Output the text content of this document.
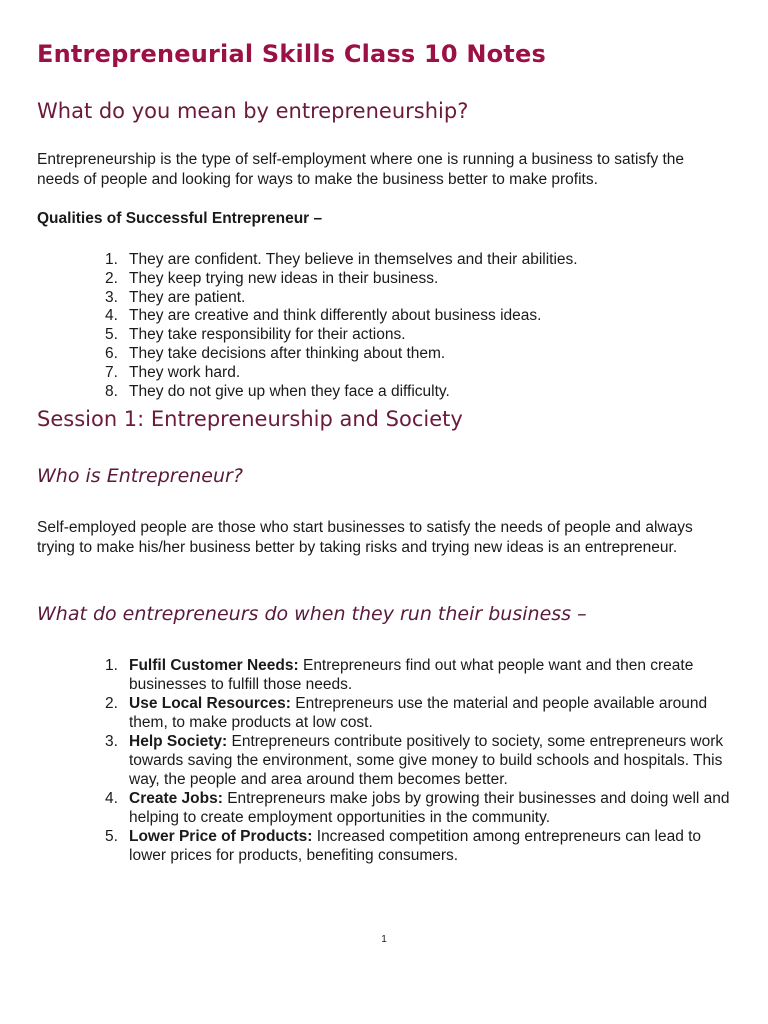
Entrepreneurial Skills Class 10 Notes
What do you mean by entrepreneurship?

Entrepreneurship is the type of self-employment where one is running a business to satisfy the needs of people and looking for ways to make the business better to make profits.

Qualities of Successful Entrepreneur –

1. They are confident. They believe in themselves and their abilities.
2. They keep trying new ideas in their business.
3. They are patient.
4. They are creative and think differently about business ideas.
5. They take responsibility for their actions.
6. They take decisions after thinking about them.
7. They work hard.
8. They do not give up when they face a difficulty.
Session 1: Entrepreneurship and Society
Who is Entrepreneur?

Self-employed people are those who start businesses to satisfy the needs of people and always trying to make his/her business better by taking risks and trying new ideas is an entrepreneur.

What do entrepreneurs do when they run their business –
1. Fulfil Customer Needs: Entrepreneurs find out what people want and then create businesses to fulfill those needs.
2. Use Local Resources: Entrepreneurs use the material and people available around them, to make products at low cost.
3. Help Society: Entrepreneurs contribute positively to society, some entrepreneurs work towards saving the environment, some give money to build schools and hospitals. This way, the people and area around them becomes better.
4. Create Jobs: Entrepreneurs make jobs by growing their businesses and doing well and helping to create employment opportunities in the community.
5. Lower Price of Products: Increased competition among entrepreneurs can lead to lower prices for products, benefiting consumers.
1
